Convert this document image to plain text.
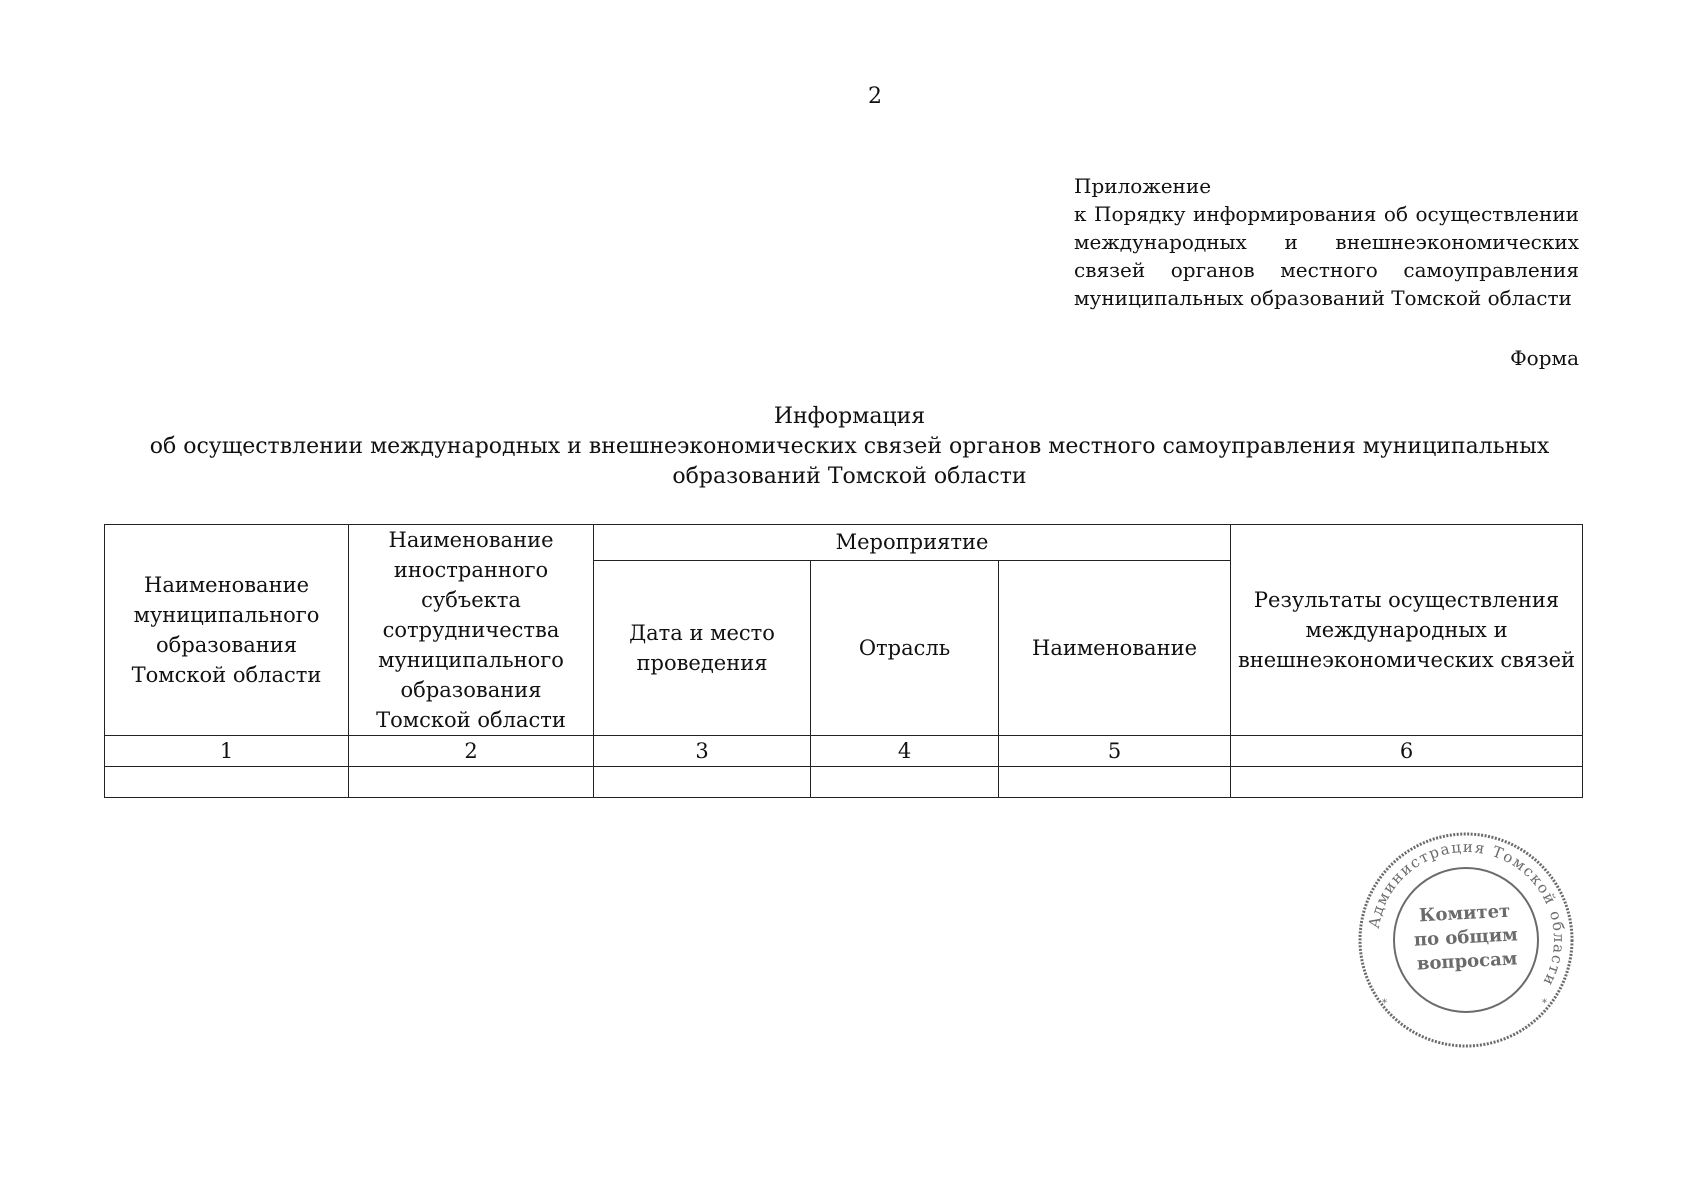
2
Приложение
к Порядку информирования об осуществлении
международных и внешнеэкономических
связей органов местного самоуправления
муниципальных образований Томской области
Форма
Информация
об осуществлении международных и внешнеэкономических связей органов местного самоуправления муниципальных
образований Томской области
Наименование муниципального образования Томской области	Наименование иностранного субъекта сотрудничества муниципального образования Томской области	Мероприятие			Результаты осуществления международных и внешнеэкономических связей
		Дата и место проведения	Отрасль	Наименование	
1	2	3	4	5	6

Администрация Томской области
*	*
Комитет
по общим
вопросам
